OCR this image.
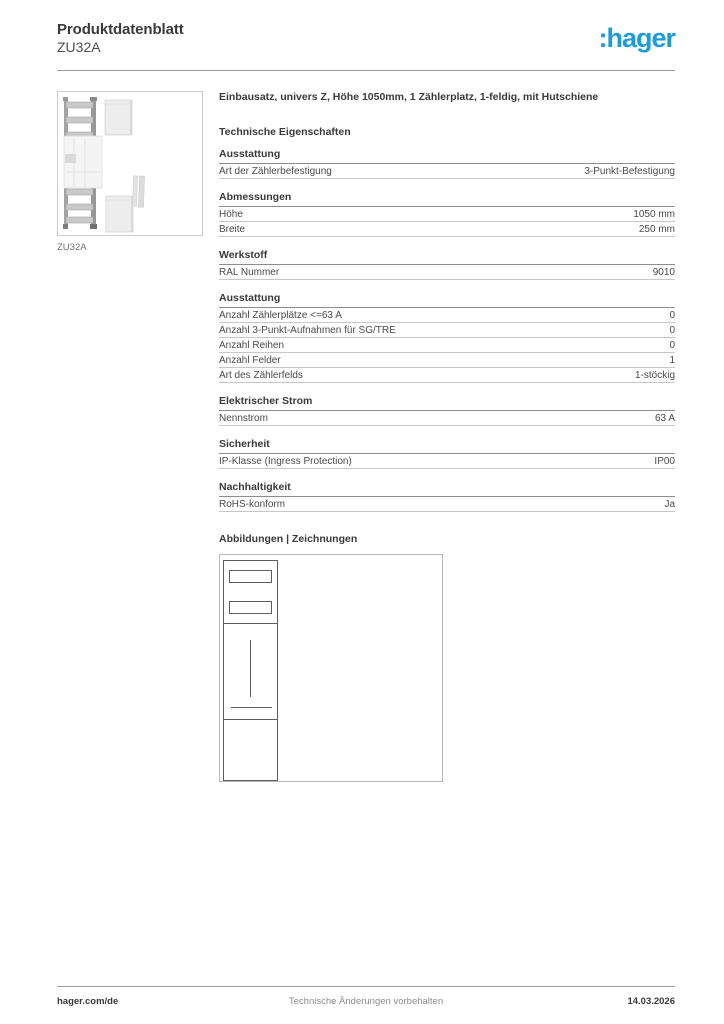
Produktdatenblatt
ZU32A	:hager
ZU32A
Einbausatz, univers Z, Höhe 1050mm, 1 Zählerplatz, 1-feldig, mit Hutschiene
Technische Eigenschaften
Ausstattung
Art der Zählerbefestigung	3-Punkt-Befestigung
Abmessungen
Höhe	1050 mm
Breite	250 mm
Werkstoff
RAL Nummer	9010
Ausstattung
Anzahl Zählerplätze <=63 A	0
Anzahl 3-Punkt-Aufnahmen für SG/TRE	0
Anzahl Reihen	0
Anzahl Felder	1
Art des Zählerfelds	1-stöckig
Elektrischer Strom
Nennstrom	63 A
Sicherheit
IP-Klasse (Ingress Protection)	IP00
Nachhaltigkeit
RoHS-konform	Ja
Abbildungen | Zeichnungen
hager.com/de	Technische Änderungen vorbehalten	14.03.2026
